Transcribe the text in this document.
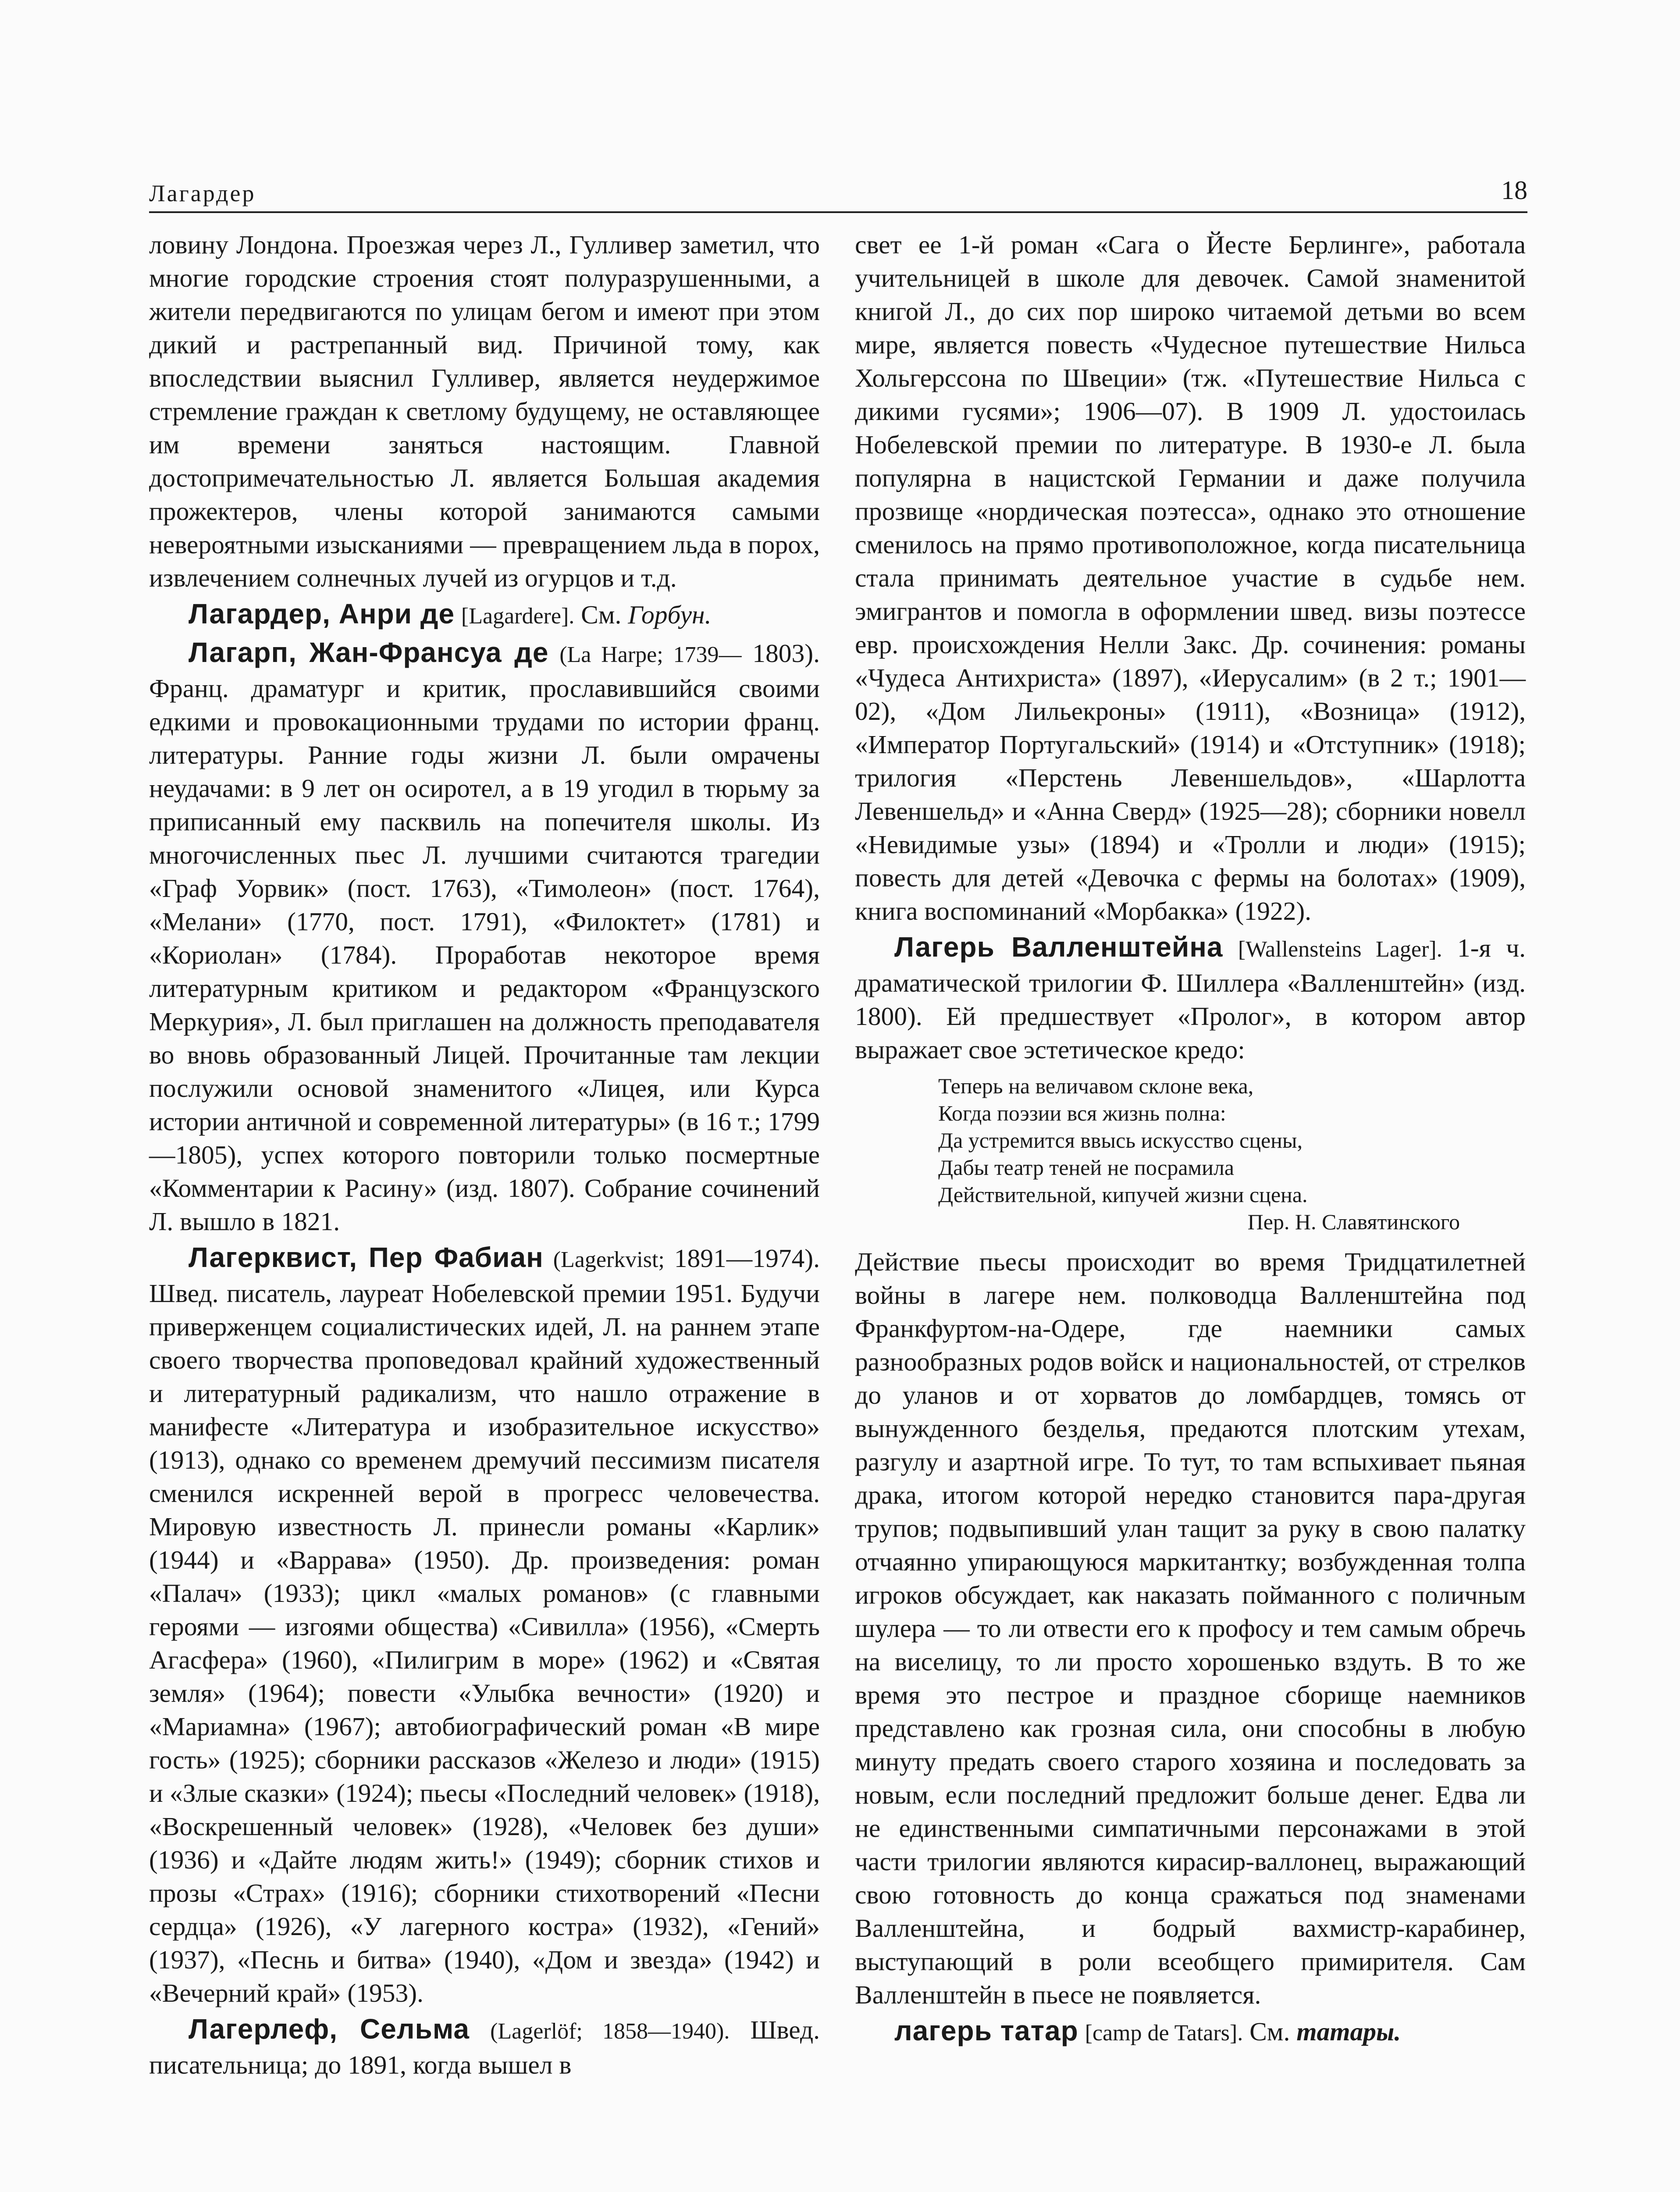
Лагардер	18

ловину Лондона. Проезжая через Л., Гулливер заметил, что многие городские строения стоят полуразрушенными, а жители передвигаются по улицам бегом и имеют при этом дикий и растрепанный вид. Причиной тому, как впоследствии выяснил Гулливер, является неудержимое стремление граждан к светлому будущему, не оставляющее им времени заняться настоящим. Главной достопримечательностью Л. является Большая академия прожектеров, члены которой занимаются самыми невероятными изысканиями — превращением льда в порох, извлечением солнечных лучей из огурцов и т.д.

Лагардер, Анри де [Lagardere]. См. Горбун.

Лагарп, Жан-Франсуа де (La Harpe; 1739— 1803). Франц. драматург и критик, прославившийся своими едкими и провокационными трудами по истории франц. литературы. Ранние годы жизни Л. были омрачены неудачами: в 9 лет он осиротел, а в 19 угодил в тюрьму за приписанный ему пасквиль на попечителя школы. Из многочисленных пьес Л. лучшими считаются трагедии «Граф Уорвик» (пост. 1763), «Тимолеон» (пост. 1764), «Мелани» (1770, пост. 1791), «Филоктет» (1781) и «Кориолан» (1784). Проработав некоторое время литературным критиком и редактором «Французского Меркурия», Л. был приглашен на должность преподавателя во вновь образованный Лицей. Прочитанные там лекции послужили основой знаменитого «Лицея, или Курса истории античной и современной литературы» (в 16 т.; 1799—1805), успех которого повторили только посмертные «Комментарии к Расину» (изд. 1807). Собрание сочинений Л. вышло в 1821.

Лагерквист, Пер Фабиан (Lagerkvist; 1891—1974). Швед. писатель, лауреат Нобелевской премии 1951. Будучи приверженцем социалистических идей, Л. на раннем этапе своего творчества проповедовал крайний художественный и литературный радикализм, что нашло отражение в манифесте «Литература и изобразительное искусство» (1913), однако со временем дремучий пессимизм писателя сменился искренней верой в прогресс человечества. Мировую известность Л. принесли романы «Карлик» (1944) и «Варрава» (1950). Др. произведения: роман «Палач» (1933); цикл «малых романов» (с главными героями — изгоями общества) «Сивилла» (1956), «Смерть Агасфера» (1960), «Пилигрим в море» (1962) и «Святая земля» (1964); повести «Улыбка вечности» (1920) и «Мариамна» (1967); автобиографический роман «В мире гость» (1925); сборники рассказов «Железо и люди» (1915) и «Злые сказки» (1924); пьесы «Последний человек» (1918), «Воскрешенный человек» (1928), «Человек без души» (1936) и «Дайте людям жить!» (1949); сборник стихов и прозы «Страх» (1916); сборники стихотворений «Песни сердца» (1926), «У лагерного костра» (1932), «Гений» (1937), «Песнь и битва» (1940), «Дом и звезда» (1942) и «Вечерний край» (1953).

Лагерлеф, Сельма (Lagerlöf; 1858—1940). Швед. писательница; до 1891, когда вышел в

свет ее 1-й роман «Сага о Йесте Берлинге», работала учительницей в школе для девочек. Самой знаменитой книгой Л., до сих пор широко читаемой детьми во всем мире, является повесть «Чудесное путешествие Нильса Хольгерссона по Швеции» (тж. «Путешествие Нильса с дикими гусями»; 1906—07). В 1909 Л. удостоилась Нобелевской премии по литературе. В 1930-е Л. была популярна в нацистской Германии и даже получила прозвище «нордическая поэтесса», однако это отношение сменилось на прямо противоположное, когда писательница стала принимать деятельное участие в судьбе нем. эмигрантов и помогла в оформлении швед. визы поэтессе евр. происхождения Нелли Закс. Др. сочинения: романы «Чудеса Антихриста» (1897), «Иерусалим» (в 2 т.; 1901—02), «Дом Лильекроны» (1911), «Возница» (1912), «Император Португальский» (1914) и «Отступник» (1918); трилогия «Перстень Левеншельдов», «Шарлотта Левеншельд» и «Анна Сверд» (1925—28); сборники новелл «Невидимые узы» (1894) и «Тролли и люди» (1915); повесть для детей «Девочка с фермы на болотах» (1909), книга воспоминаний «Морбакка» (1922).

Лагерь Валленштейна [Wallensteins Lager]. 1-я ч. драматической трилогии Ф. Шиллера «Валленштейн» (изд. 1800). Ей предшествует «Пролог», в котором автор выражает свое эстетическое кредо:

Теперь на величавом склоне века,
Когда поэзии вся жизнь полна:
Да устремится ввысь искусство сцены,
Дабы театр теней не посрамила
Действительной, кипучей жизни сцена.
Пер. Н. Славятинского

Действие пьесы происходит во время Тридцатилетней войны в лагере нем. полководца Валленштейна под Франкфуртом-на-Одере, где наемники самых разнообразных родов войск и национальностей, от стрелков до уланов и от хорватов до ломбардцев, томясь от вынужденного безделья, предаются плотским утехам, разгулу и азартной игре. То тут, то там вспыхивает пьяная драка, итогом которой нередко становится пара-другая трупов; подвыпивший улан тащит за руку в свою палатку отчаянно упирающуюся маркитантку; возбужденная толпа игроков обсуждает, как наказать пойманного с поличным шулера — то ли отвести его к профосу и тем самым обречь на виселицу, то ли просто хорошенько вздуть. В то же время это пестрое и праздное сборище наемников представлено как грозная сила, они способны в любую минуту предать своего старого хозяина и последовать за новым, если последний предложит больше денег. Едва ли не единственными симпатичными персонажами в этой части трилогии являются кирасир-валлонец, выражающий свою готовность до конца сражаться под знаменами Валленштейна, и бодрый вахмистр-карабинер, выступающий в роли всеобщего примирителя. Сам Валленштейн в пьесе не появляется.

лагерь татар [camp de Tatars]. См. татары.
